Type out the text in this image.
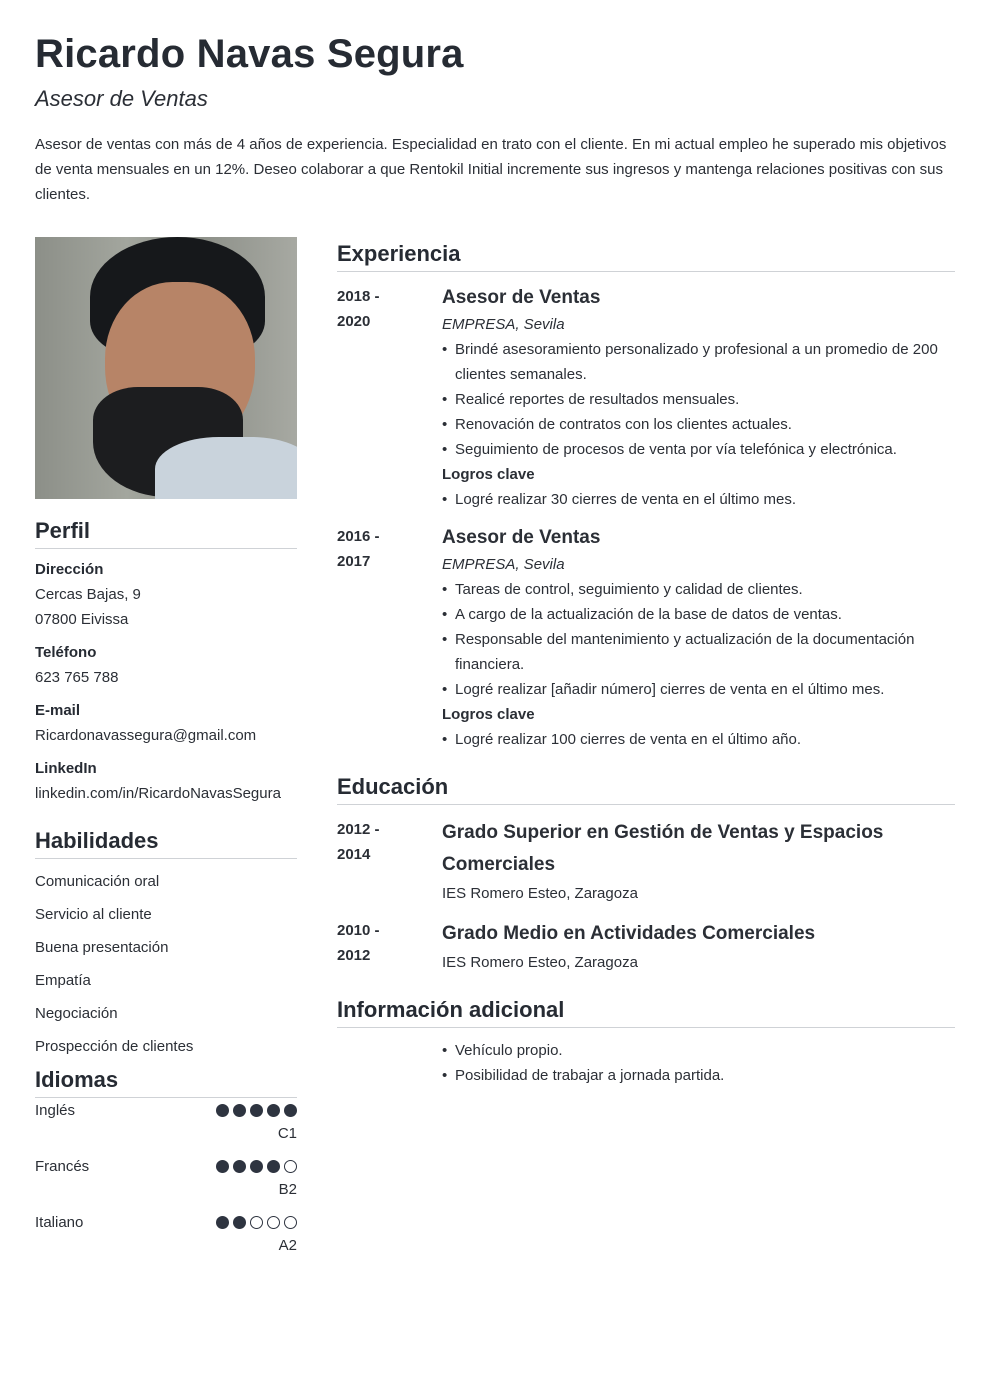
Ricardo Navas Segura
Asesor de Ventas

Asesor de ventas con más de 4 años de experiencia. Especialidad en trato con el cliente. En mi actual empleo he superado mis objetivos de venta mensuales en un 12%. Deseo colaborar a que Rentokil Initial incremente sus ingresos y mantenga relaciones positivas con sus clientes.

Perfil
Dirección
Cercas Bajas, 9
07800 Eivissa
Teléfono
623 765 788
E-mail
Ricardonavassegura@gmail.com
LinkedIn
linkedin.com/in/RicardoNavasSegura
Habilidades
Comunicación oral
Servicio al cliente
Buena presentación
Empatía
Negociación
Prospección de clientes
Idiomas
Inglés
C1
Francés
B2
Italiano
A2
Experiencia
2018 -
2020
Asesor de Ventas
EMPRESA, Sevila
• Brindé asesoramiento personalizado y profesional a un promedio de 200 clientes semanales.
• Realicé reportes de resultados mensuales.
• Renovación de contratos con los clientes actuales.
• Seguimiento de procesos de venta por vía telefónica y electrónica.
Logros clave
• Logré realizar 30 cierres de venta en el último mes.
2016 -
2017
Asesor de Ventas
EMPRESA, Sevila
• Tareas de control, seguimiento y calidad de clientes.
• A cargo de la actualización de la base de datos de ventas.
• Responsable del mantenimiento y actualización de la documentación financiera.
• Logré realizar [añadir número] cierres de venta en el último mes.
Logros clave
• Logré realizar 100 cierres de venta en el último año.
Educación
2012 -
2014
Grado Superior en Gestión de Ventas y Espacios Comerciales
IES Romero Esteo, Zaragoza
2010 -
2012
Grado Medio en Actividades Comerciales
IES Romero Esteo, Zaragoza
Información adicional
• Vehículo propio.
• Posibilidad de trabajar a jornada partida.
